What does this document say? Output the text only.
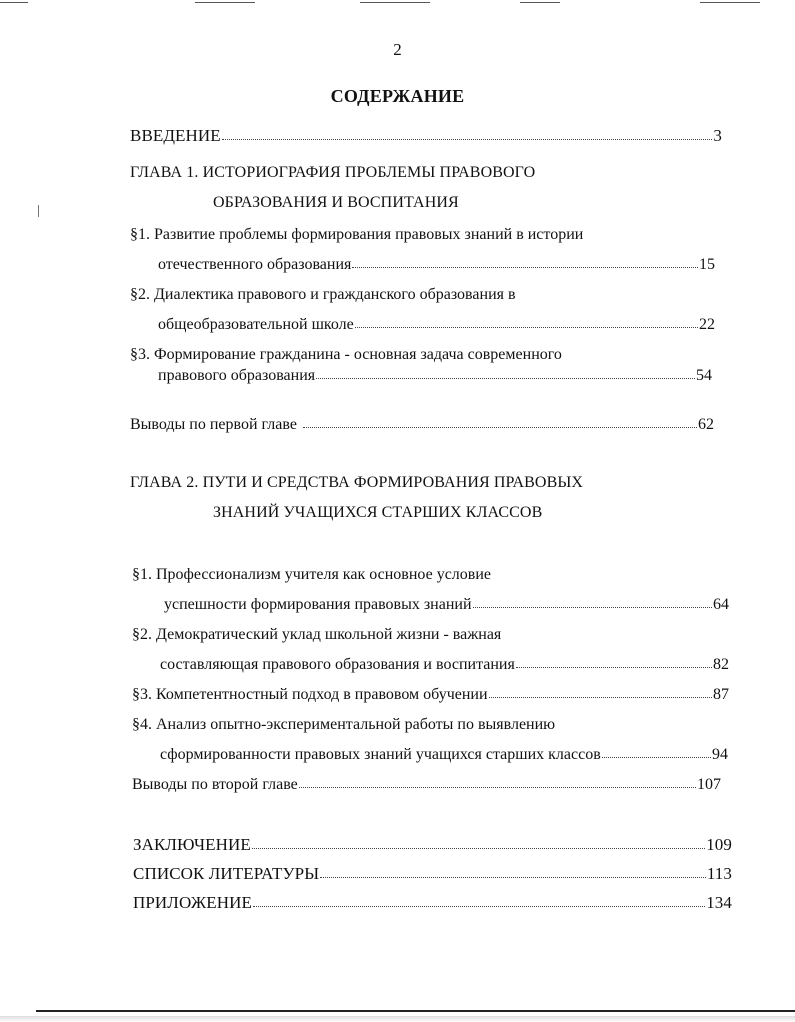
2
СОДЕРЖАНИЕ
ВВЕДЕНИЕ	3
ГЛАВА 1. ИСТОРИОГРАФИЯ ПРОБЛЕМЫ ПРАВОВОГО
ОБРАЗОВАНИЯ И ВОСПИТАНИЯ
§1. Развитие проблемы формирования правовых знаний в истории
отечественного образования	15
§2. Диалектика правового и гражданского образования в
общеобразовательной школе	22
§3. Формирование гражданина - основная задача современного
правового образования	54
Выводы по первой главе	62
ГЛАВА 2. ПУТИ И СРЕДСТВА ФОРМИРОВАНИЯ ПРАВОВЫХ
ЗНАНИЙ УЧАЩИХСЯ СТАРШИХ КЛАССОВ
§1. Профессионализм учителя как основное условие
успешности формирования правовых знаний	64
§2. Демократический уклад школьной жизни - важная
составляющая правового образования и воспитания	82
§3. Компетентностный подход в правовом обучении	87
§4. Анализ опытно-экспериментальной работы по выявлению
сформированности правовых знаний учащихся старших классов	94
Выводы по второй главе	107
ЗАКЛЮЧЕНИЕ	109
СПИСОК ЛИТЕРАТУРЫ	113
ПРИЛОЖЕНИЕ	134
